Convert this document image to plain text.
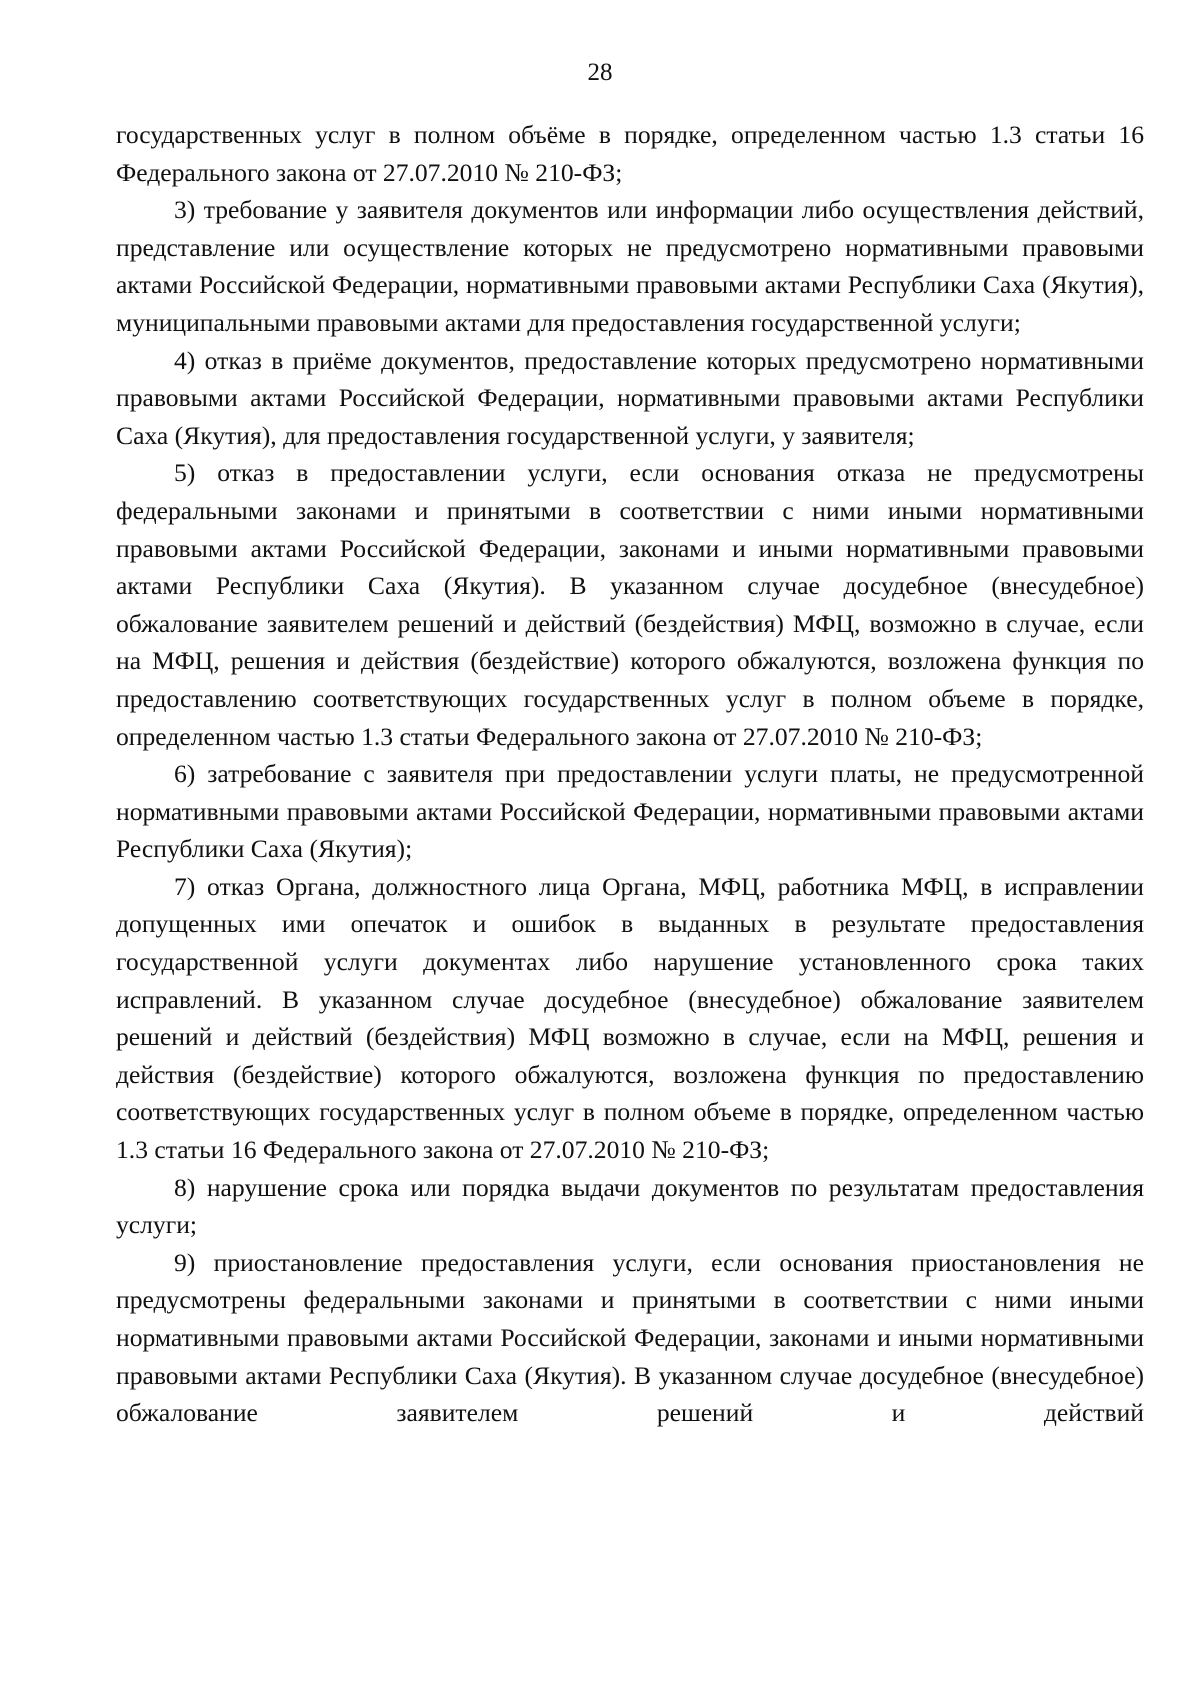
28

государственных услуг в полном объёме в порядке, определенном частью 1.3 статьи 16 Федерального закона от 27.07.2010 № 210-ФЗ;

3) требование у заявителя документов или информации либо осуществления действий, представление или осуществление которых не предусмотрено нормативными правовыми актами Российской Федерации, нормативными правовыми актами Республики Саха (Якутия), муниципальными правовыми актами для предоставления государственной услуги;

4) отказ в приёме документов, предоставление которых предусмотрено нормативными правовыми актами Российской Федерации, нормативными правовыми актами Республики Саха (Якутия), для предоставления государственной услуги, у заявителя;

5) отказ в предоставлении услуги, если основания отказа не предусмотрены федеральными законами и принятыми в соответствии с ними иными нормативными правовыми актами Российской Федерации, законами и иными нормативными правовыми актами Республики Саха (Якутия). В указанном случае досудебное (внесудебное) обжалование заявителем решений и действий (бездействия) МФЦ, возможно в случае, если на МФЦ, решения и действия (бездействие) которого обжалуются, возложена функция по предоставлению соответствующих государственных услуг в полном объеме в порядке, определенном частью 1.3 статьи Федерального закона от 27.07.2010 № 210-ФЗ;

6) затребование с заявителя при предоставлении услуги платы, не предусмотренной нормативными правовыми актами Российской Федерации, нормативными правовыми актами Республики Саха (Якутия);

7) отказ Органа, должностного лица Органа, МФЦ, работника МФЦ, в исправлении допущенных ими опечаток и ошибок в выданных в результате предоставления государственной услуги документах либо нарушение установленного срока таких исправлений. В указанном случае досудебное (внесудебное) обжалование заявителем решений и действий (бездействия) МФЦ возможно в случае, если на МФЦ, решения и действия (бездействие) которого обжалуются, возложена функция по предоставлению соответствующих государственных услуг в полном объеме в порядке, определенном частью 1.3 статьи 16 Федерального закона от 27.07.2010 № 210-ФЗ;

8) нарушение срока или порядка выдачи документов по результатам предоставления услуги;

9) приостановление предоставления услуги, если основания приостановления не предусмотрены федеральными законами и принятыми в соответствии с ними иными нормативными правовыми актами Российской Федерации, законами и иными нормативными правовыми актами Республики Саха (Якутия). В указанном случае досудебное (внесудебное) обжалование заявителем решений и действий
